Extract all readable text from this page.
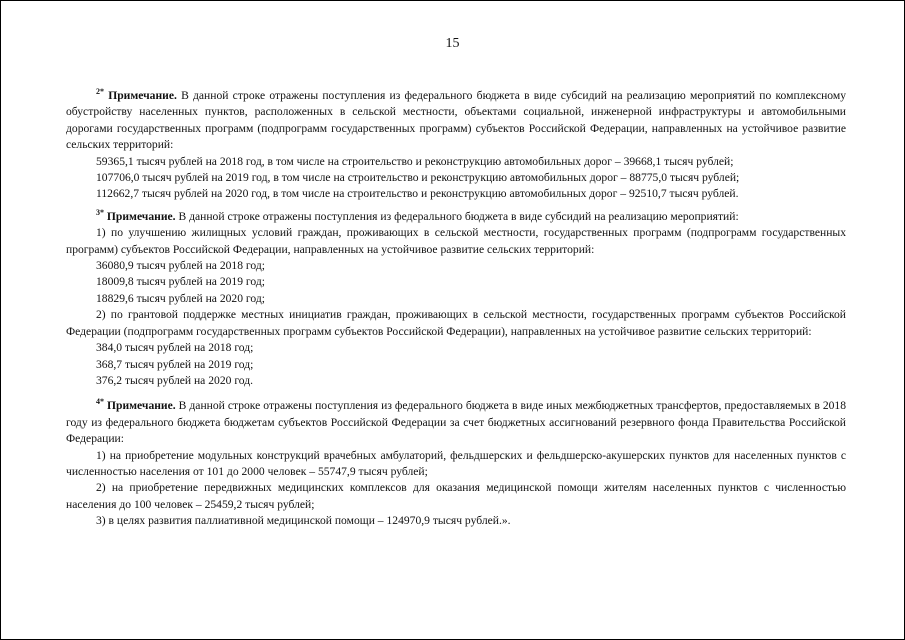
15

$^{2*}$ Примечание. В данной строке отражены поступления из федерального бюджета в виде субсидий на реализацию мероприятий по комплексному обустройству населенных пунктов, расположенных в сельской местности, объектами социальной, инженерной инфраструктуры и автомобильными дорогами государственных программ (подпрограмм государственных программ) субъектов Российской Федерации, направленных на устойчивое развитие сельских территорий:

59365,1 тысяч рублей на 2018 год, в том числе на строительство и реконструкцию автомобильных дорог – 39668,1 тысяч рублей;

107706,0 тысяч рублей на 2019 год, в том числе на строительство и реконструкцию автомобильных дорог – 88775,0 тысяч рублей;

112662,7 тысяч рублей на 2020 год, в том числе на строительство и реконструкцию автомобильных дорог – 92510,7 тысяч рублей.

$^{3*}$ Примечание. В данной строке отражены поступления из федерального бюджета в виде субсидий на реализацию мероприятий:

1) по улучшению жилищных условий граждан, проживающих в сельской местности, государственных программ (подпрограмм государственных программ) субъектов Российской Федерации, направленных на устойчивое развитие сельских территорий:

36080,9 тысяч рублей на 2018 год;

18009,8 тысяч рублей на 2019 год;

18829,6 тысяч рублей на 2020 год;

2) по грантовой поддержке местных инициатив граждан, проживающих в сельской местности, государственных программ субъектов Российской Федерации (подпрограмм государственных программ субъектов Российской Федерации), направленных на устойчивое развитие сельских территорий:

384,0 тысяч рублей на 2018 год;

368,7 тысяч рублей на 2019 год;

376,2 тысяч рублей на 2020 год.

$^{4*}$ Примечание. В данной строке отражены поступления из федерального бюджета в виде иных межбюджетных трансфертов, предоставляемых в 2018 году из федерального бюджета бюджетам субъектов Российской Федерации за счет бюджетных ассигнований резервного фонда Правительства Российской Федерации:

1) на приобретение модульных конструкций врачебных амбулаторий, фельдшерских и фельдшерско-акушерских пунктов для населенных пунктов с численностью населения от 101 до 2000 человек – 55747,9 тысяч рублей;

2) на приобретение передвижных медицинских комплексов для оказания медицинской помощи жителям населенных пунктов с численностью населения до 100 человек – 25459,2 тысяч рублей;

3) в целях развития паллиативной медицинской помощи – 124970,9 тысяч рублей.».
